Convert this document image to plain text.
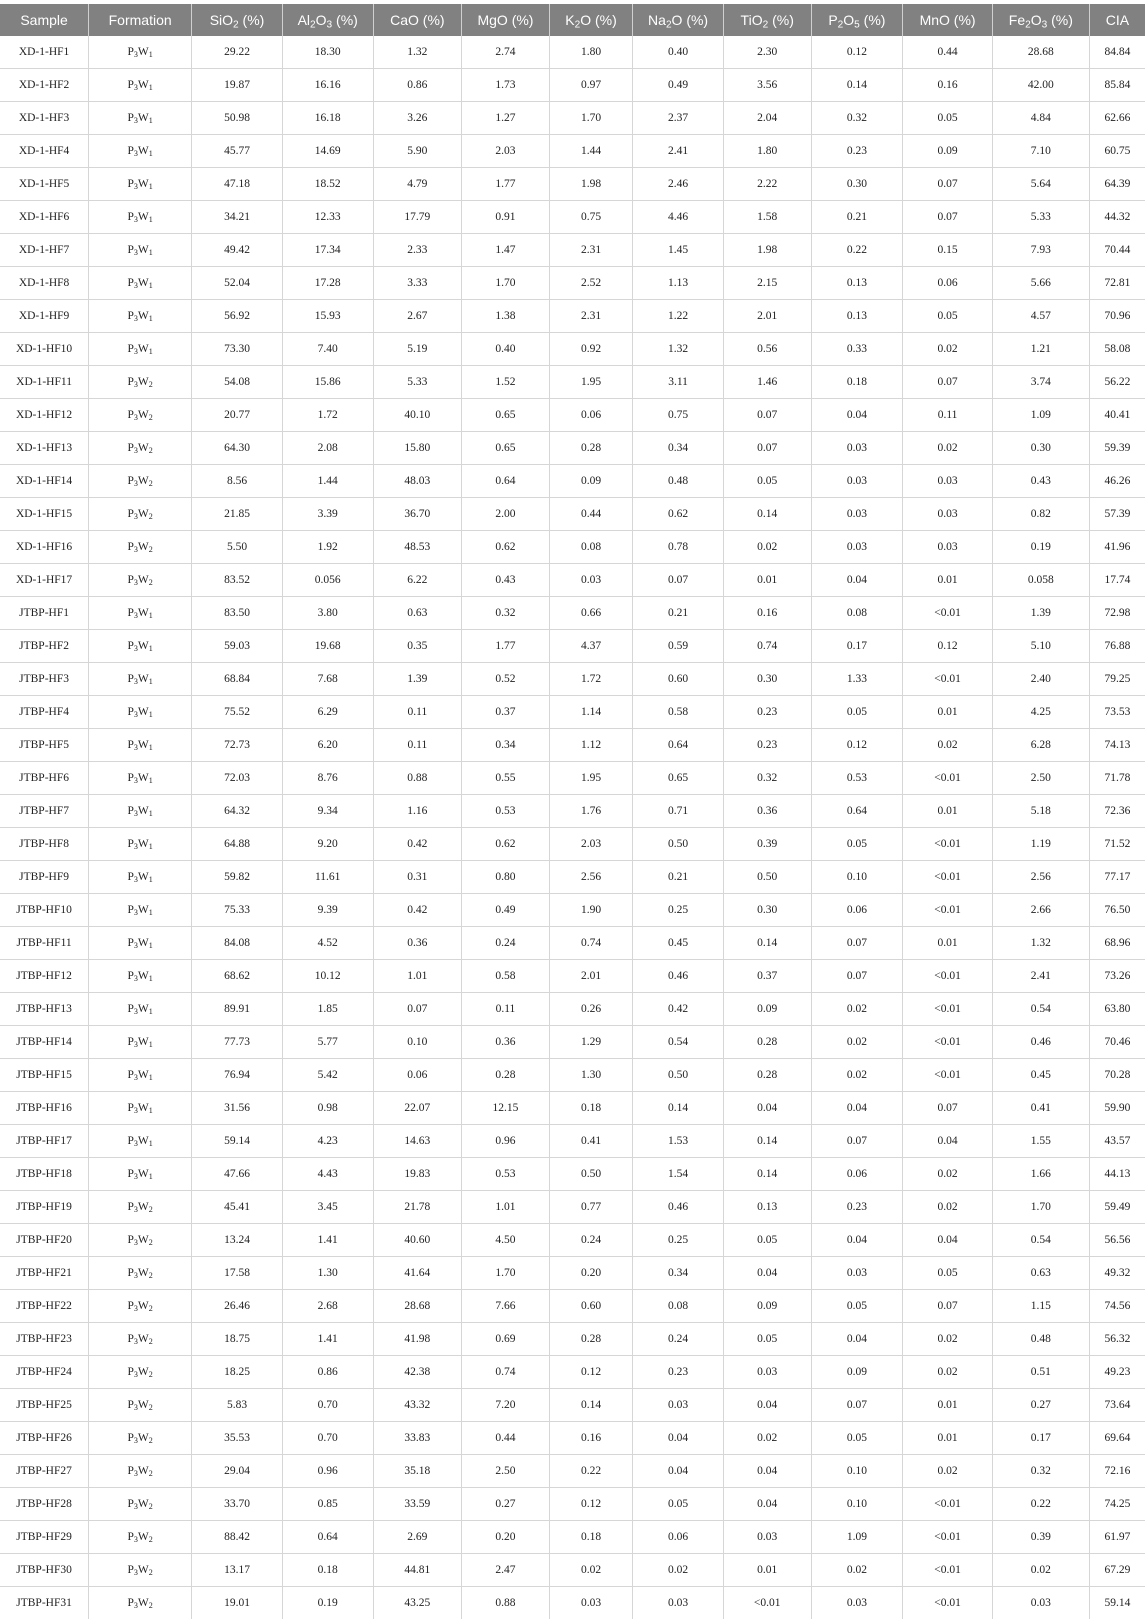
Sample	Formation	SiO$_2$ (%)	$Al_2O_3$ (%)	CaO (%)	MgO (%)	$K_2O$ (%)	$Na_2O$ (%)	TiO$_2$ (%)	$P_2O_5$ (%)	MnO (%)	$Fe_2O_3$ (%)	CIA
XD-1-HF1	$P_3W_1$	29.22	18.30	1.32	2.74	1.80	0.40	2.30	0.12	0.44	28.68	84.84
XD-1-HF2	$P_3W_1$	19.87	16.16	0.86	1.73	0.97	0.49	3.56	0.14	0.16	42.00	85.84
XD-1-HF3	$P_3W_1$	50.98	16.18	3.26	1.27	1.70	2.37	2.04	0.32	0.05	4.84	62.66
XD-1-HF4	$P_3W_1$	45.77	14.69	5.90	2.03	1.44	2.41	1.80	0.23	0.09	7.10	60.75
XD-1-HF5	$P_3W_1$	47.18	18.52	4.79	1.77	1.98	2.46	2.22	0.30	0.07	5.64	64.39
XD-1-HF6	$P_3W_1$	34.21	12.33	17.79	0.91	0.75	4.46	1.58	0.21	0.07	5.33	44.32
XD-1-HF7	$P_3W_1$	49.42	17.34	2.33	1.47	2.31	1.45	1.98	0.22	0.15	7.93	70.44
XD-1-HF8	$P_3W_1$	52.04	17.28	3.33	1.70	2.52	1.13	2.15	0.13	0.06	5.66	72.81
XD-1-HF9	$P_3W_1$	56.92	15.93	2.67	1.38	2.31	1.22	2.01	0.13	0.05	4.57	70.96
XD-1-HF10	$P_3W_1$	73.30	7.40	5.19	0.40	0.92	1.32	0.56	0.33	0.02	1.21	58.08
XD-1-HF11	$P_3W_2$	54.08	15.86	5.33	1.52	1.95	3.11	1.46	0.18	0.07	3.74	56.22
XD-1-HF12	$P_3W_2$	20.77	1.72	40.10	0.65	0.06	0.75	0.07	0.04	0.11	1.09	40.41
XD-1-HF13	$P_3W_2$	64.30	2.08	15.80	0.65	0.28	0.34	0.07	0.03	0.02	0.30	59.39
XD-1-HF14	$P_3W_2$	8.56	1.44	48.03	0.64	0.09	0.48	0.05	0.03	0.03	0.43	46.26
XD-1-HF15	$P_3W_2$	21.85	3.39	36.70	2.00	0.44	0.62	0.14	0.03	0.03	0.82	57.39
XD-1-HF16	$P_3W_2$	5.50	1.92	48.53	0.62	0.08	0.78	0.02	0.03	0.03	0.19	41.96
XD-1-HF17	$P_3W_2$	83.52	0.056	6.22	0.43	0.03	0.07	0.01	0.04	0.01	0.058	17.74
JTBP-HF1	$P_3W_1$	83.50	3.80	0.63	0.32	0.66	0.21	0.16	0.08	<0.01	1.39	72.98
JTBP-HF2	$P_3W_1$	59.03	19.68	0.35	1.77	4.37	0.59	0.74	0.17	0.12	5.10	76.88
JTBP-HF3	$P_3W_1$	68.84	7.68	1.39	0.52	1.72	0.60	0.30	1.33	<0.01	2.40	79.25
JTBP-HF4	$P_3W_1$	75.52	6.29	0.11	0.37	1.14	0.58	0.23	0.05	0.01	4.25	73.53
JTBP-HF5	$P_3W_1$	72.73	6.20	0.11	0.34	1.12	0.64	0.23	0.12	0.02	6.28	74.13
JTBP-HF6	$P_3W_1$	72.03	8.76	0.88	0.55	1.95	0.65	0.32	0.53	<0.01	2.50	71.78
JTBP-HF7	$P_3W_1$	64.32	9.34	1.16	0.53	1.76	0.71	0.36	0.64	0.01	5.18	72.36
JTBP-HF8	$P_3W_1$	64.88	9.20	0.42	0.62	2.03	0.50	0.39	0.05	<0.01	1.19	71.52
JTBP-HF9	$P_3W_1$	59.82	11.61	0.31	0.80	2.56	0.21	0.50	0.10	<0.01	2.56	77.17
JTBP-HF10	$P_3W_1$	75.33	9.39	0.42	0.49	1.90	0.25	0.30	0.06	<0.01	2.66	76.50
JTBP-HF11	$P_3W_1$	84.08	4.52	0.36	0.24	0.74	0.45	0.14	0.07	0.01	1.32	68.96
JTBP-HF12	$P_3W_1$	68.62	10.12	1.01	0.58	2.01	0.46	0.37	0.07	<0.01	2.41	73.26
JTBP-HF13	$P_3W_1$	89.91	1.85	0.07	0.11	0.26	0.42	0.09	0.02	<0.01	0.54	63.80
JTBP-HF14	$P_3W_1$	77.73	5.77	0.10	0.36	1.29	0.54	0.28	0.02	<0.01	0.46	70.46
JTBP-HF15	$P_3W_1$	76.94	5.42	0.06	0.28	1.30	0.50	0.28	0.02	<0.01	0.45	70.28
JTBP-HF16	$P_3W_1$	31.56	0.98	22.07	12.15	0.18	0.14	0.04	0.04	0.07	0.41	59.90
JTBP-HF17	$P_3W_1$	59.14	4.23	14.63	0.96	0.41	1.53	0.14	0.07	0.04	1.55	43.57
JTBP-HF18	$P_3W_1$	47.66	4.43	19.83	0.53	0.50	1.54	0.14	0.06	0.02	1.66	44.13
JTBP-HF19	$P_3W_2$	45.41	3.45	21.78	1.01	0.77	0.46	0.13	0.23	0.02	1.70	59.49
JTBP-HF20	$P_3W_2$	13.24	1.41	40.60	4.50	0.24	0.25	0.05	0.04	0.04	0.54	56.56
JTBP-HF21	$P_3W_2$	17.58	1.30	41.64	1.70	0.20	0.34	0.04	0.03	0.05	0.63	49.32
JTBP-HF22	$P_3W_2$	26.46	2.68	28.68	7.66	0.60	0.08	0.09	0.05	0.07	1.15	74.56
JTBP-HF23	$P_3W_2$	18.75	1.41	41.98	0.69	0.28	0.24	0.05	0.04	0.02	0.48	56.32
JTBP-HF24	$P_3W_2$	18.25	0.86	42.38	0.74	0.12	0.23	0.03	0.09	0.02	0.51	49.23
JTBP-HF25	$P_3W_2$	5.83	0.70	43.32	7.20	0.14	0.03	0.04	0.07	0.01	0.27	73.64
JTBP-HF26	$P_3W_2$	35.53	0.70	33.83	0.44	0.16	0.04	0.02	0.05	0.01	0.17	69.64
JTBP-HF27	$P_3W_2$	29.04	0.96	35.18	2.50	0.22	0.04	0.04	0.10	0.02	0.32	72.16
JTBP-HF28	$P_3W_2$	33.70	0.85	33.59	0.27	0.12	0.05	0.04	0.10	<0.01	0.22	74.25
JTBP-HF29	$P_3W_2$	88.42	0.64	2.69	0.20	0.18	0.06	0.03	1.09	<0.01	0.39	61.97
JTBP-HF30	$P_3W_2$	13.17	0.18	44.81	2.47	0.02	0.02	0.01	0.02	<0.01	0.02	67.29
JTBP-HF31	$P_3W_2$	19.01	0.19	43.25	0.88	0.03	0.03	<0.01	0.03	<0.01	0.03	59.14
